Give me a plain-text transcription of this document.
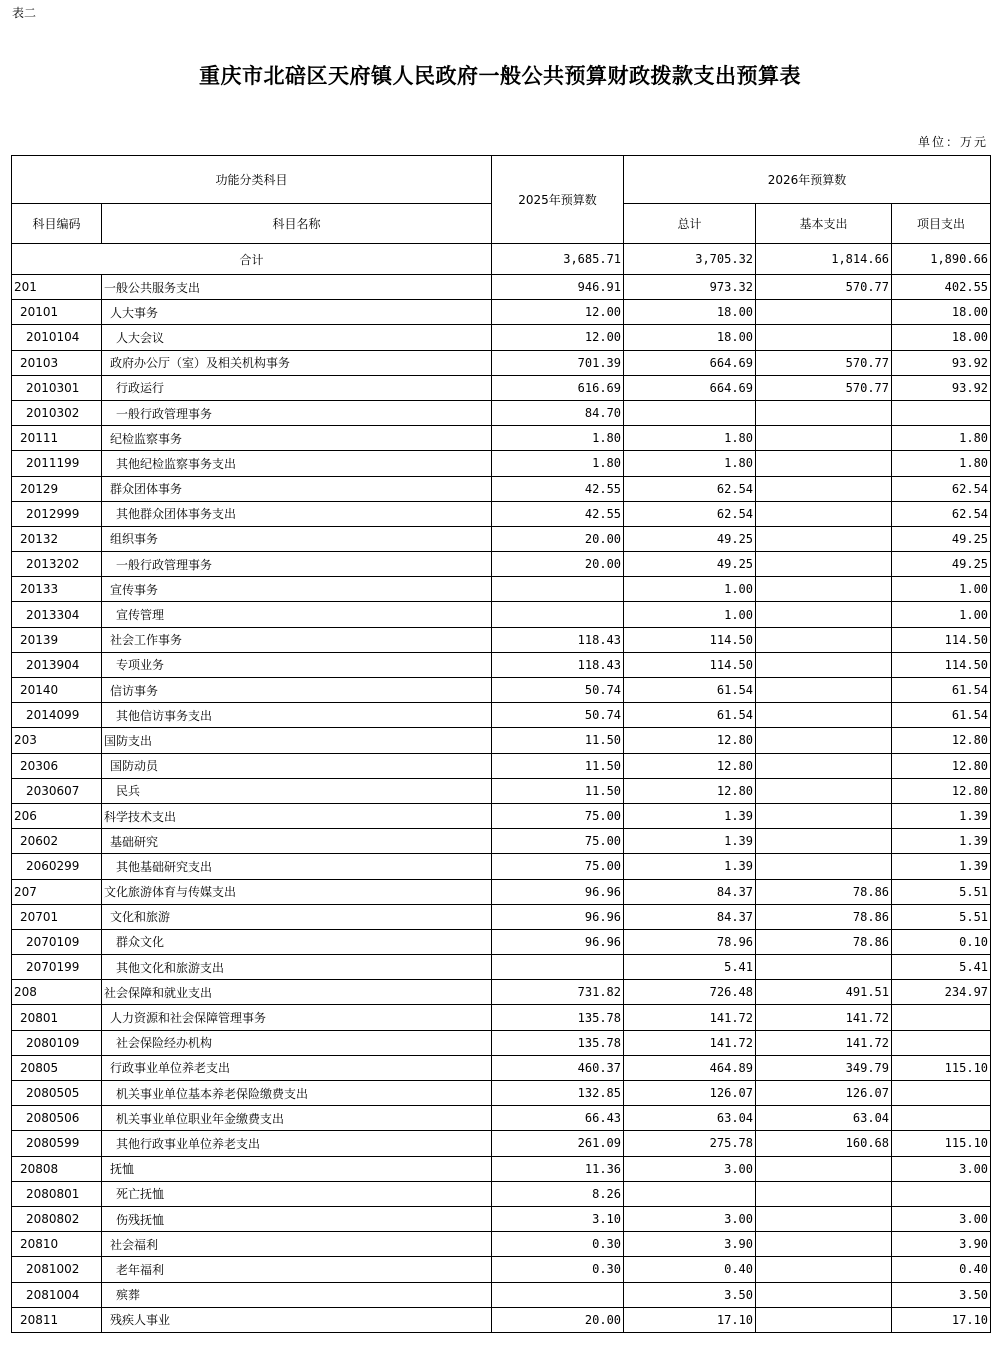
表二
重庆市北碚区天府镇人民政府一般公共预算财政拨款支出预算表
单位：万元
功能分类科目		2025年预算数	2026年预算数		
科目编码	科目名称		总计	基本支出	项目支出
合计		3,685.71	3,705.32	1,814.66	1,890.66
201	一般公共服务支出	946.91	973.32	570.77	402.55
20101	人大事务	12.00	18.00		18.00
2010104	人大会议	12.00	18.00		18.00
20103	政府办公厅（室）及相关机构事务	701.39	664.69	570.77	93.92
2010301	行政运行	616.69	664.69	570.77	93.92
2010302	一般行政管理事务	84.70			
20111	纪检监察事务	1.80	1.80		1.80
2011199	其他纪检监察事务支出	1.80	1.80		1.80
20129	群众团体事务	42.55	62.54		62.54
2012999	其他群众团体事务支出	42.55	62.54		62.54
20132	组织事务	20.00	49.25		49.25
2013202	一般行政管理事务	20.00	49.25		49.25
20133	宣传事务		1.00		1.00
2013304	宣传管理		1.00		1.00
20139	社会工作事务	118.43	114.50		114.50
2013904	专项业务	118.43	114.50		114.50
20140	信访事务	50.74	61.54		61.54
2014099	其他信访事务支出	50.74	61.54		61.54
203	国防支出	11.50	12.80		12.80
20306	国防动员	11.50	12.80		12.80
2030607	民兵	11.50	12.80		12.80
206	科学技术支出	75.00	1.39		1.39
20602	基础研究	75.00	1.39		1.39
2060299	其他基础研究支出	75.00	1.39		1.39
207	文化旅游体育与传媒支出	96.96	84.37	78.86	5.51
20701	文化和旅游	96.96	84.37	78.86	5.51
2070109	群众文化	96.96	78.96	78.86	0.10
2070199	其他文化和旅游支出		5.41		5.41
208	社会保障和就业支出	731.82	726.48	491.51	234.97
20801	人力资源和社会保障管理事务	135.78	141.72	141.72	
2080109	社会保险经办机构	135.78	141.72	141.72	
20805	行政事业单位养老支出	460.37	464.89	349.79	115.10
2080505	机关事业单位基本养老保险缴费支出	132.85	126.07	126.07	
2080506	机关事业单位职业年金缴费支出	66.43	63.04	63.04	
2080599	其他行政事业单位养老支出	261.09	275.78	160.68	115.10
20808	抚恤	11.36	3.00		3.00
2080801	死亡抚恤	8.26			
2080802	伤残抚恤	3.10	3.00		3.00
20810	社会福利	0.30	3.90		3.90
2081002	老年福利	0.30	0.40		0.40
2081004	殡葬		3.50		3.50
20811	残疾人事业	20.00	17.10		17.10
